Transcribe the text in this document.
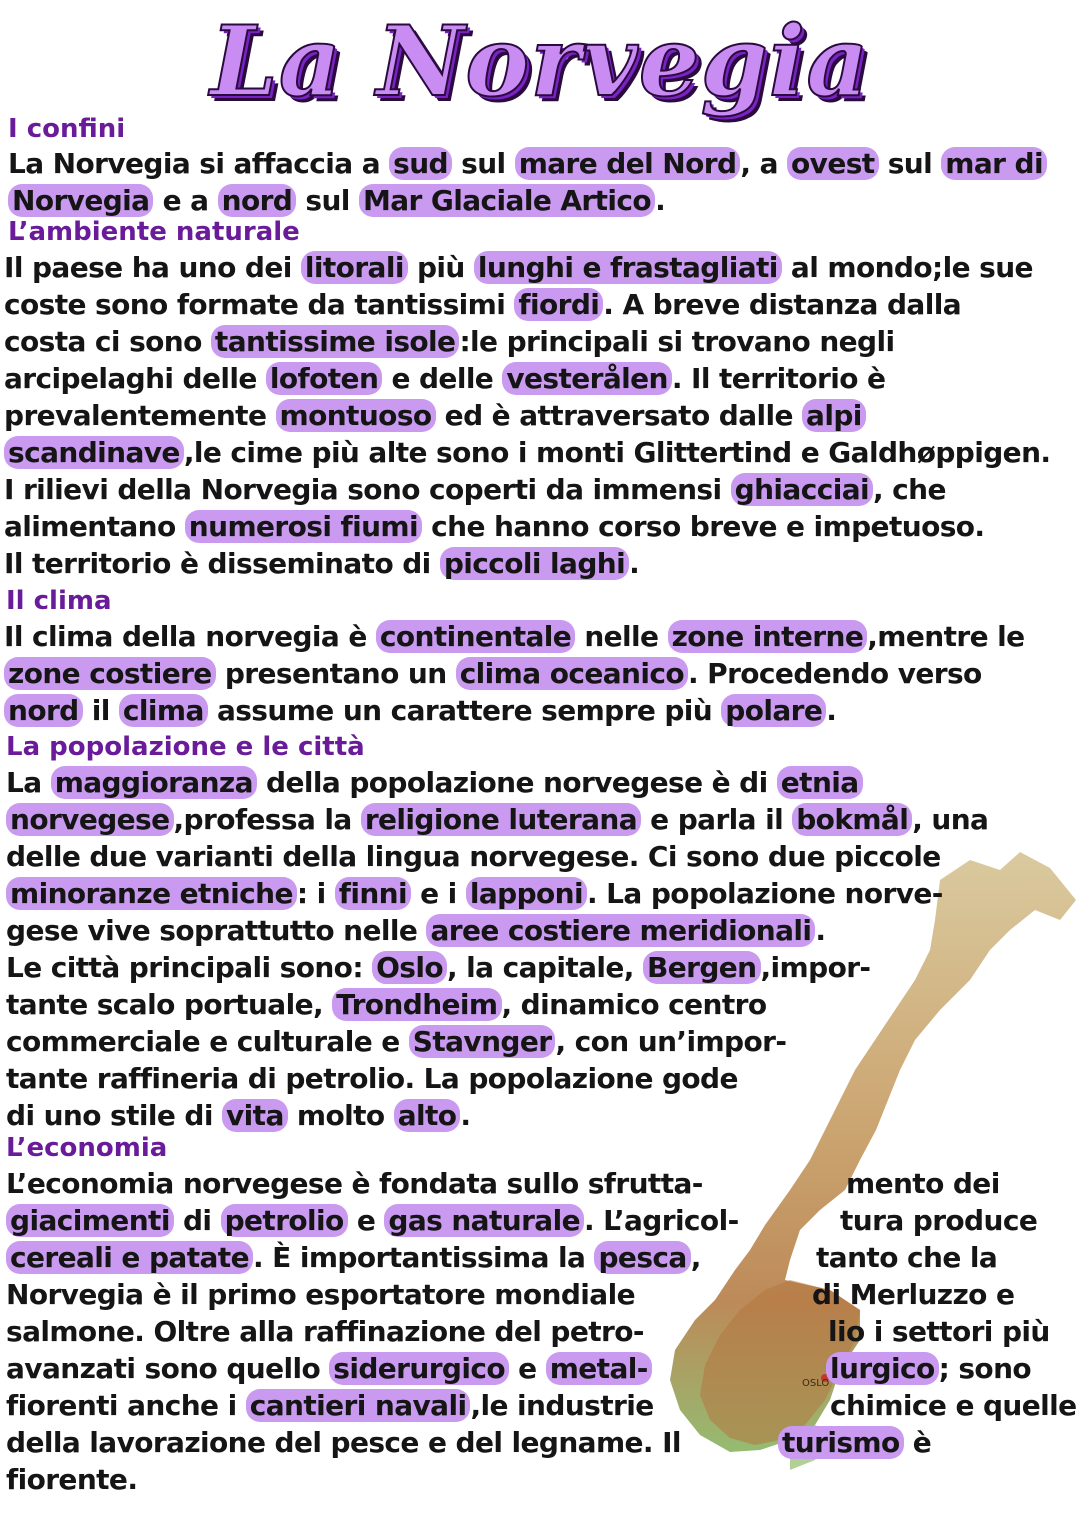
OSLO
La Norvegia
I confini
La Norvegia si affaccia a sud sul mare del Nord , a ovest sul mar di
Norvegia e a nord sul Mar Glaciale Artico .
L’ambiente naturale
Il paese ha uno dei litorali più lunghi e frastagliati al mondo;le sue
coste sono formate da tantissimi fiordi . A breve distanza dalla
costa ci sono tantissime isole :le principali si trovano negli
arcipelaghi delle lofoten e delle vesterålen . Il territorio è
prevalentemente montuoso ed è attraversato dalle alpi
scandinave ,le cime più alte sono i monti Glittertind e Galdhøppigen.
I rilievi della Norvegia sono coperti da immensi ghiacciai , che
alimentano numerosi fiumi che hanno corso breve e impetuoso.
Il territorio è disseminato di piccoli laghi .
Il clima
Il clima della norvegia è continentale nelle zone interne ,mentre le
zone costiere presentano un clima oceanico . Procedendo verso
nord il clima assume un carattere sempre più polare .
La popolazione e le città
La maggioranza della popolazione norvegese è di etnia
norvegese ,professa la religione luterana e parla il bokmål , una
delle due varianti della lingua norvegese. Ci sono due piccole
minoranze etniche : i finni e i lapponi . La popolazione norve-
gese vive soprattutto nelle aree costiere meridionali .
Le città principali sono: Oslo , la capitale, Bergen ,impor-
tante scalo portuale, Trondheim , dinamico centro
commerciale e culturale e Stavnger , con un’impor-
tante raffineria di petrolio. La popolazione gode
di uno stile di vita molto alto .
L’economia
L’economia norvegese è fondata sullo sfrutta-	mento dei
giacimenti di petrolio e gas naturale . L’agricol-	tura produce
cereali e patate . È importantissima la pesca ,	tanto che la
Norvegia è il primo esportatore mondiale	di Merluzzo e
salmone. Oltre alla raffinazione del petro-	lio i settori più
avanzati sono quello siderurgico e metal-	lurgico ; sono
fiorenti anche i cantieri navali ,le industrie	chimice e quelle
della lavorazione del pesce e del legname. Il	turismo è
fiorente.
